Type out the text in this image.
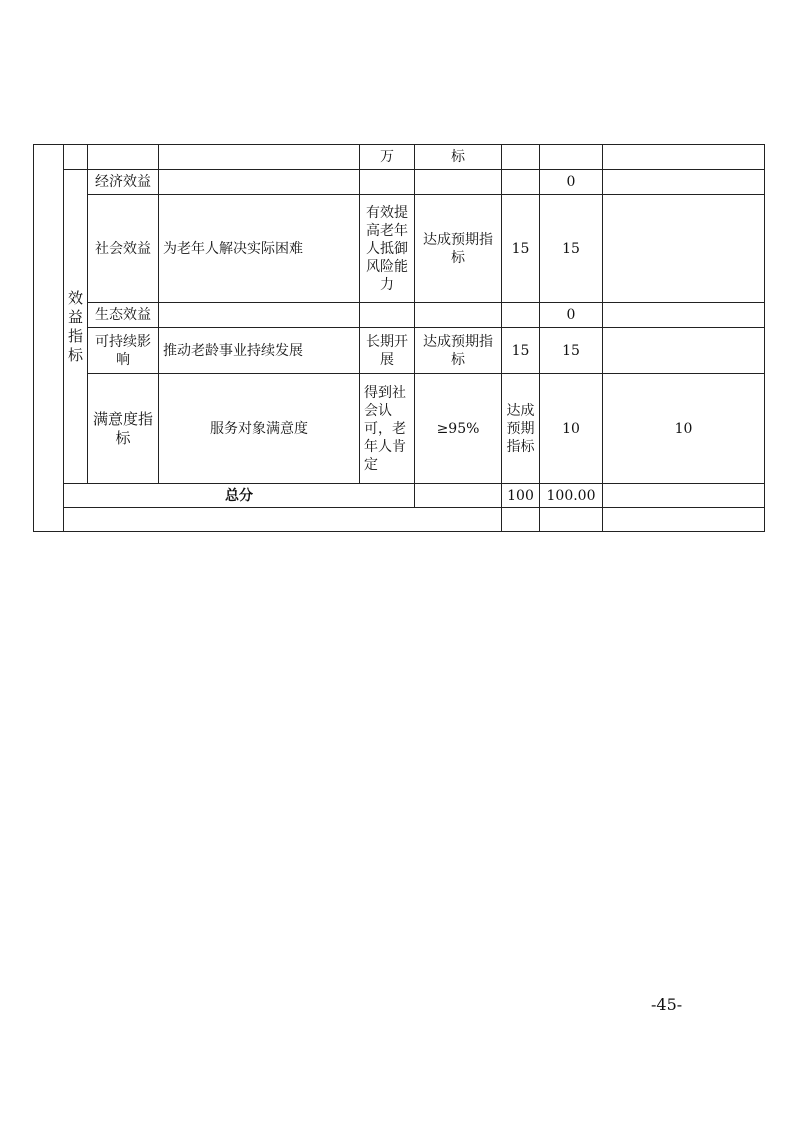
				万	标				
	效益指标	经济效益					0		
		社会效益	为老年人解决实际困难	有效提高老年人抵御风险能力	达成预期指标	15	15		
		生态效益					0		
		可持续影响	推动老龄事业持续发展	长期开展	达成预期指标	15	15		
		满意度指标	服务对象满意度	得到社会认可，老年人肯定	≥95%	达成预期指标	10	10	
	总分					100	100.00		

-45-
